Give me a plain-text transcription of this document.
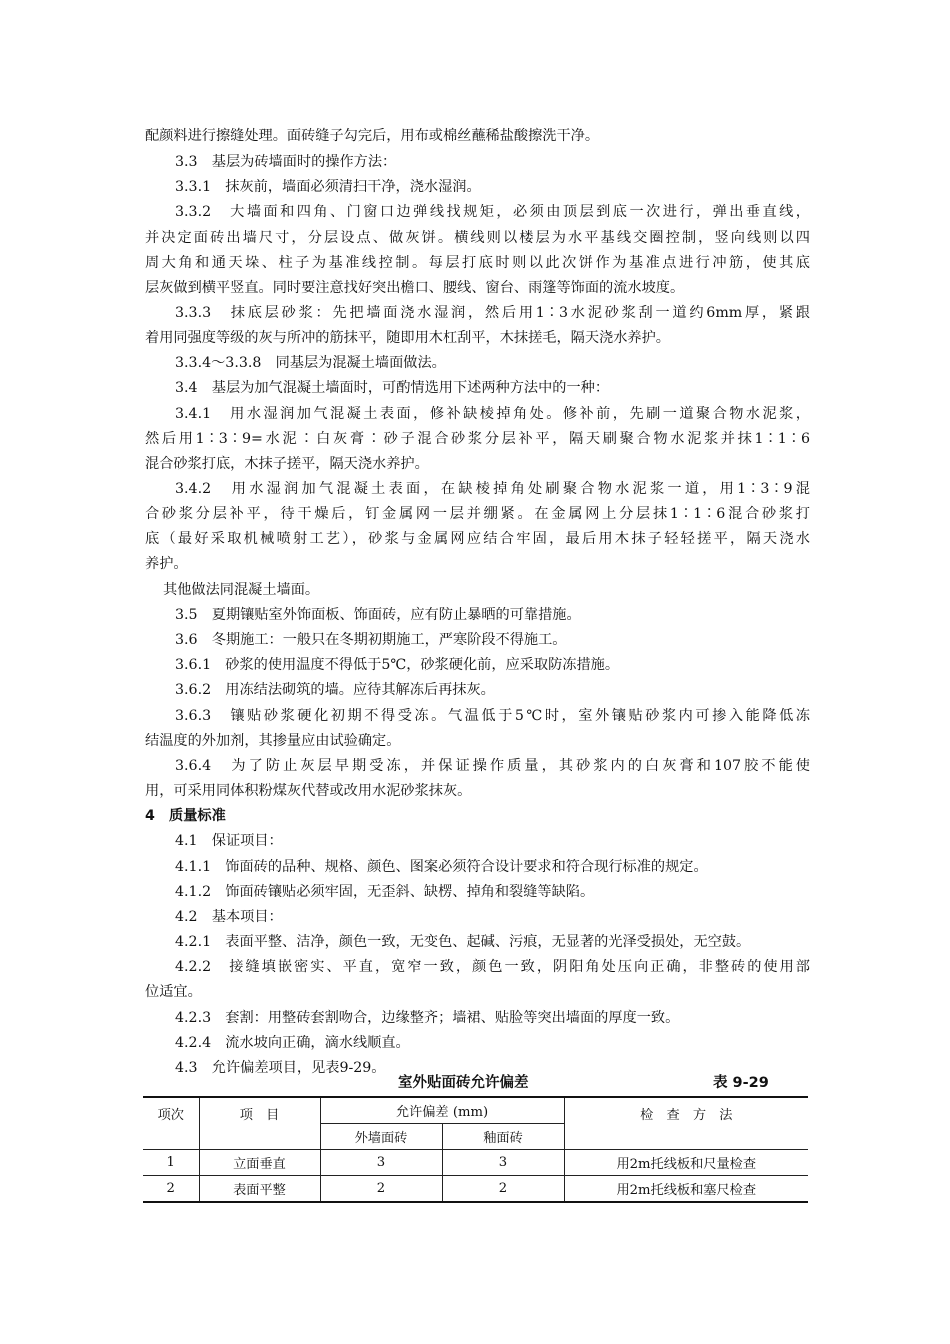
配颜料进行擦缝处理。面砖缝子勾完后，用布或棉丝蘸稀盐酸擦洗干净。
3.3　基层为砖墙面时的操作方法：
3.3.1　抹灰前，墙面必须清扫干净，浇水湿润。
3.3.2　大墙面和四角、门窗口边弹线找规矩，必须由顶层到底一次进行，弹出垂直线，
并决定面砖出墙尺寸，分层设点、做灰饼。横线则以楼层为水平基线交圈控制，竖向线则以四
周大角和通天垛、柱子为基准线控制。每层打底时则以此次饼作为基准点进行冲筋，使其底
层灰做到横平竖直。同时要注意找好突出檐口、腰线、窗台、雨篷等饰面的流水坡度。
3.3.3　抹底层砂浆：先把墙面浇水湿润，然后用1∶3水泥砂浆刮一道约6mm厚，紧跟
着用同强度等级的灰与所冲的筋抹平，随即用木杠刮平，木抹搓毛，隔天浇水养护。
3.3.4～3.3.8　同基层为混凝土墙面做法。
3.4　基层为加气混凝土墙面时，可酌情选用下述两种方法中的一种：
3.4.1　用水湿润加气混凝土表面，修补缺棱掉角处。修补前，先刷一道聚合物水泥浆，
然后用1∶3∶9=水泥∶白灰膏∶砂子混合砂浆分层补平，隔天刷聚合物水泥浆并抹1∶1∶6
混合砂浆打底，木抹子搓平，隔天浇水养护。
3.4.2　用水湿润加气混凝土表面，在缺棱掉角处刷聚合物水泥浆一道，用1∶3∶9混
合砂浆分层补平，待干燥后，钉金属网一层并绷紧。在金属网上分层抹1∶1∶6混合砂浆打
底（最好采取机械喷射工艺），砂浆与金属网应结合牢固，最后用木抹子轻轻搓平，隔天浇水
养护。
其他做法同混凝土墙面。
3.5　夏期镶贴室外饰面板、饰面砖，应有防止暴晒的可靠措施。
3.6　冬期施工：一般只在冬期初期施工，严寒阶段不得施工。
3.6.1　砂浆的使用温度不得低于5℃，砂浆硬化前，应采取防冻措施。
3.6.2　用冻结法砌筑的墙。应待其解冻后再抹灰。
3.6.3　镶贴砂浆硬化初期不得受冻。气温低于5℃时，室外镶贴砂浆内可掺入能降低冻
结温度的外加剂，其掺量应由试验确定。
3.6.4　为了防止灰层早期受冻，并保证操作质量，其砂浆内的白灰膏和107胶不能使
用，可采用同体积粉煤灰代替或改用水泥砂浆抹灰。
4　质量标准
4.1　保证项目：
4.1.1　饰面砖的品种、规格、颜色、图案必须符合设计要求和符合现行标准的规定。
4.1.2　饰面砖镶贴必须牢固，无歪斜、缺楞、掉角和裂缝等缺陷。
4.2　基本项目：
4.2.1　表面平整、洁净，颜色一致，无变色、起碱、污痕，无显著的光泽受损处，无空鼓。
4.2.2　接缝填嵌密实、平直，宽窄一致，颜色一致，阴阳角处压向正确，非整砖的使用部
位适宜。
4.2.3　套割：用整砖套割吻合，边缘整齐；墙裙、贴脸等突出墙面的厚度一致。
4.2.4　流水坡向正确，滴水线顺直。
4.3　允许偏差项目，见表9-29。
室外贴面砖允许偏差	表 9-29
项次	项　目	允许偏差 (mm)		检　查　方　法
		外墙面砖	釉面砖	
1	立面垂直	3	3	用2m托线板和尺量检查
2	表面平整	2	2	用2m托线板和塞尺检查
